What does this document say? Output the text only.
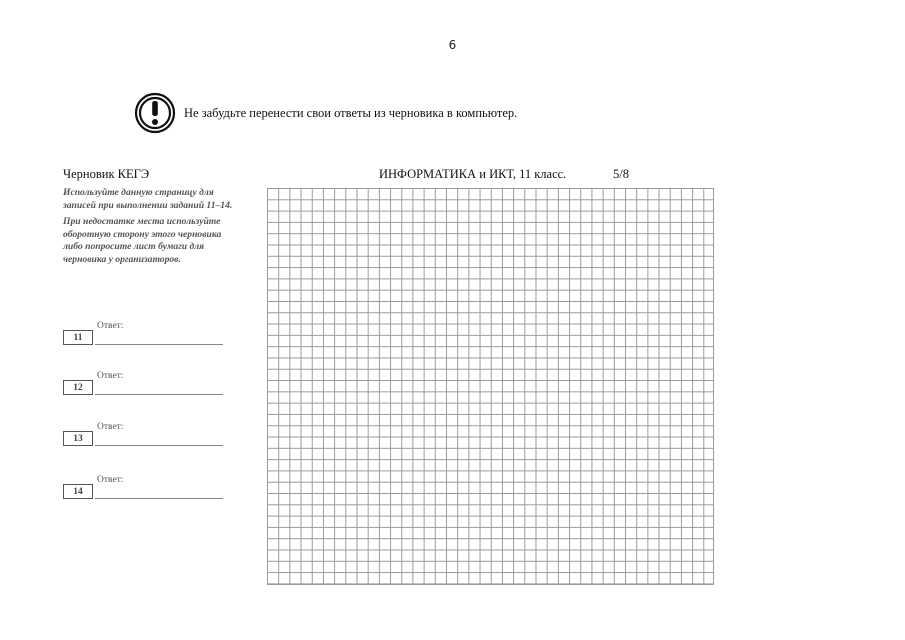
6
Не забудьте перенести свои ответы из черновика в компьютер.
Черновик КЕГЭ	ИНФОРМАТИКА и ИКТ, 11 класс.	5/8

Используйте данную страницу для записей при выполнении заданий 11–14.

При недостатке места используйте оборотную сторону этого черновика либо попросите лист бумаги для черновика у организаторов.

11
Ответ:
12
Ответ:
13
Ответ:
14
Ответ:
